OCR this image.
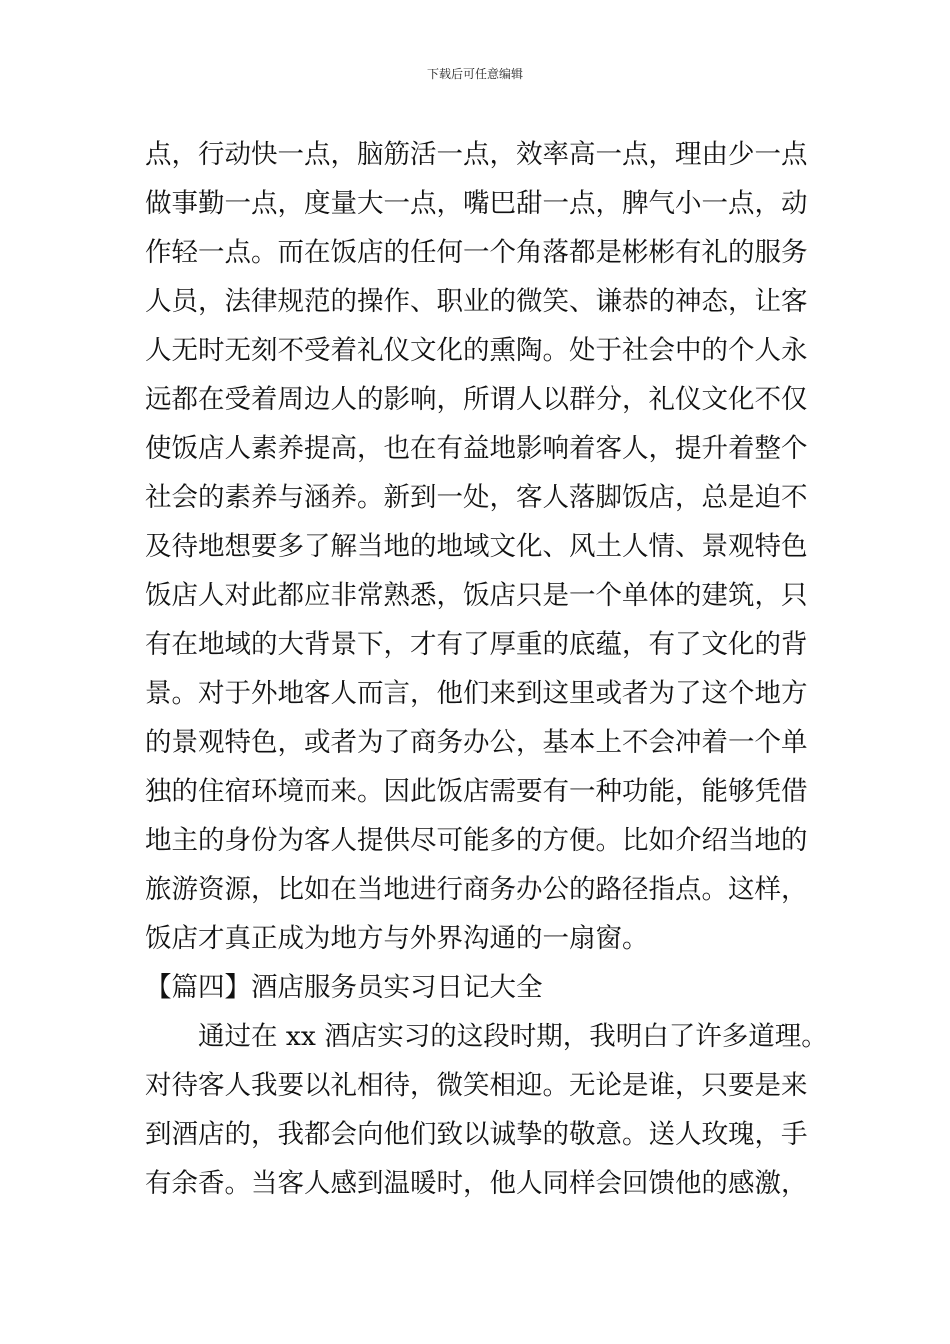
下载后可任意编辑
点，行动快一点，脑筋活一点，效率高一点，理由少一点
做事勤一点，度量大一点，嘴巴甜一点，脾气小一点，动
作轻一点。而在饭店的任何一个角落都是彬彬有礼的服务
人员，法律规范的操作、职业的微笑、谦恭的神态，让客
人无时无刻不受着礼仪文化的熏陶。处于社会中的个人永
远都在受着周边人的影响，所谓人以群分，礼仪文化不仅
使饭店人素养提高，也在有益地影响着客人，提升着整个
社会的素养与涵养。新到一处，客人落脚饭店，总是迫不
及待地想要多了解当地的地域文化、风土人情、景观特色
饭店人对此都应非常熟悉，饭店只是一个单体的建筑，只
有在地域的大背景下，才有了厚重的底蕴，有了文化的背
景。对于外地客人而言，他们来到这里或者为了这个地方
的景观特色，或者为了商务办公，基本上不会冲着一个单
独的住宿环境而来。因此饭店需要有一种功能，能够凭借
地主的身份为客人提供尽可能多的方便。比如介绍当地的
旅游资源，比如在当地进行商务办公的路径指点。这样，
饭店才真正成为地方与外界沟通的一扇窗。
【篇四】酒店服务员实习日记大全
通过在 xx 酒店实习的这段时期，我明白了许多道理。
对待客人我要以礼相待，微笑相迎。无论是谁，只要是来
到酒店的，我都会向他们致以诚挚的敬意。送人玫瑰，手
有余香。当客人感到温暖时，他人同样会回馈他的感激，
